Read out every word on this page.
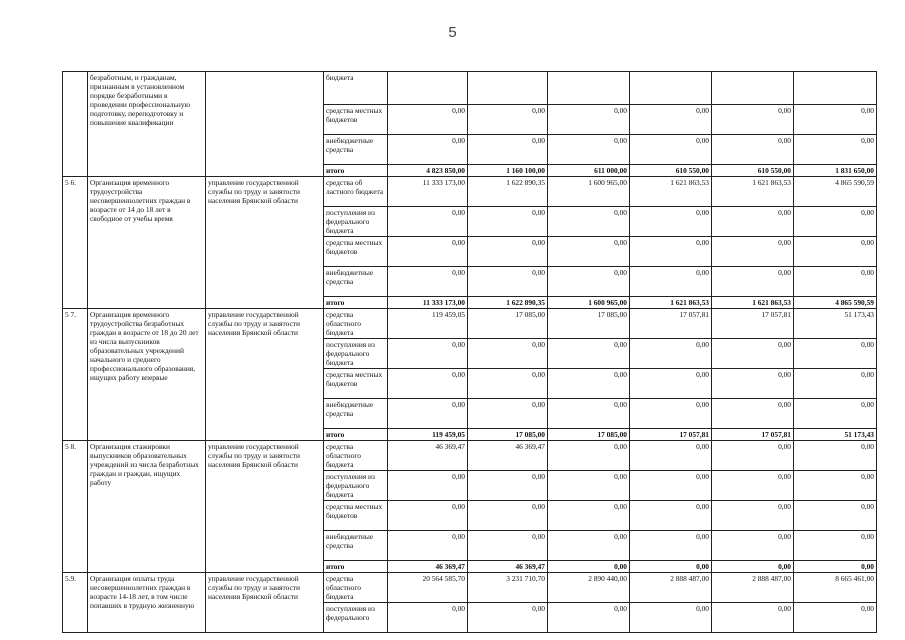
5
	безработным, и гражданам, признанным в установленном порядке безработными в проведении профессиональную подготовку, переподготовку и повышение квалификации		бюджета						
			средства местных бюджетов	0,00	0,00	0,00	0,00	0,00	0,00
			внебюджетные средства	0,00	0,00	0,00	0,00	0,00	0,00
			итого	4 823 850,00	1 160 100,00	611 000,00	610 550,00	610 550,00	1 831 650,00
5 6.	Организация временного трудоустройства несовершеннолетних граждан в возрасте от 14 до 18 лет в свободное от учебы время	управление государственной службы по труду и занятости населения Брянской области	средства об ластного бюджета	11 333 173,00	1 622 890,35	1 600 965,00	1 621 863,53	1 621 863,53	4 865 590,59
			поступления из федерального бюджета	0,00	0,00	0,00	0,00	0,00	0,00
			средства местных бюджетов	0,00	0,00	0,00	0,00	0,00	0,00
			внебюджетные средства	0,00	0,00	0,00	0,00	0,00	0,00
			итого	11 333 173,00	1 622 890,35	1 600 965,00	1 621 863,53	1 621 863,53	4 865 590,59
5 7.	Организация временного трудоустройства безработных граждан в возрасте от 18 до 20 лет из числа выпускников образовательных учреждений начального и среднего профессионального образования, ищущих работу впервые	управление государственной службы по труду и занятости населения Брянской области	средства областного бюджета	119 459,05	17 085,00	17 085,00	17 057,81	17 057,81	51 173,43
			поступления из федерального бюджета	0,00	0,00	0,00	0,00	0,00	0,00
			средства местных бюджетов	0,00	0,00	0,00	0,00	0,00	0,00
			внебюджетные средства	0,00	0,00	0,00	0,00	0,00	0,00
			итого	119 459,05	17 085,00	17 085,00	17 057,81	17 057,81	51 173,43
5 8.	Организация стажировки выпускников образовательных учреждений из числа безработных граждан и граждан, ищущих работу	управление государственной службы по труду и занятости населения Брянской области	средства областного бюджета	46 369,47	46 369,47	0,00	0,00	0,00	0,00
			поступления из федерального бюджета	0,00	0,00	0,00	0,00	0,00	0,00
			средства местных бюджетов	0,00	0,00	0,00	0,00	0,00	0,00
			внебюджетные средства	0,00	0,00	0,00	0,00	0,00	0,00
			итого	46 369,47	46 369,47	0,00	0,00	0,00	0,00
5.9.	Организация оплаты труда несовершеннолетних граждан в возрасте 14-18 лет, в том числе попавших в трудную жизненную	управление государственной службы по труду и занятости населения Брянской области	средства областного бюджета	20 564 585,70	3 231 710,70	2 890 440,00	2 888 487,00	2 888 487,00	8 665 461,00
			поступления из федерального	0,00	0,00	0,00	0,00	0,00	0,00
